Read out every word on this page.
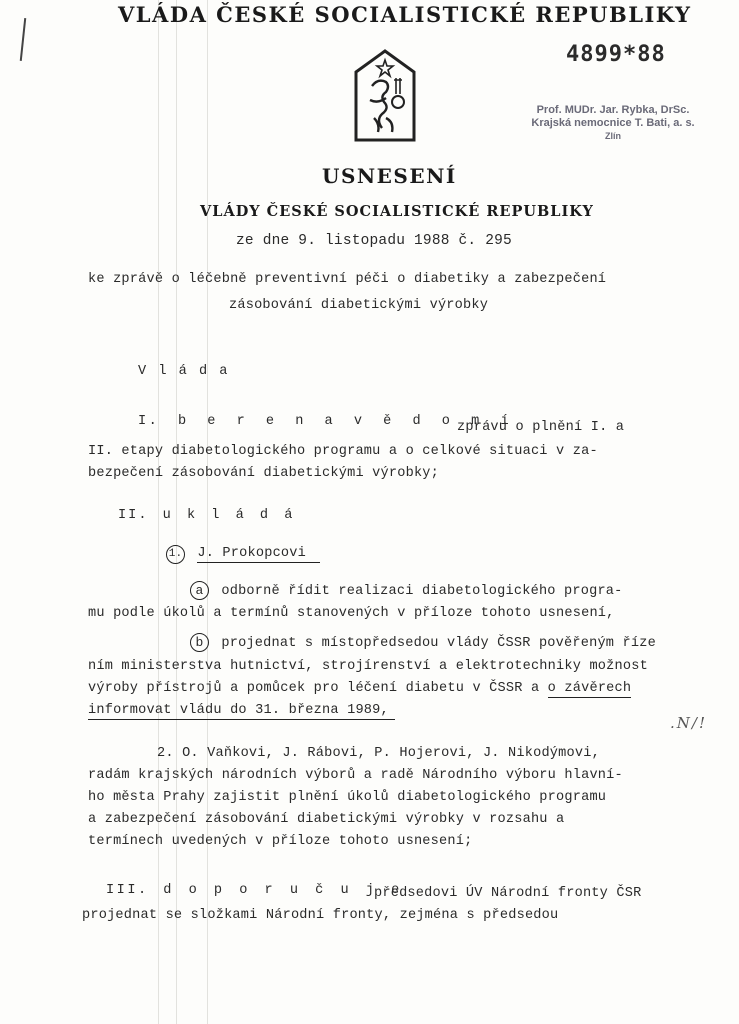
VLÁDA ČESKÉ SOCIALISTICKÉ REPUBLIKY
4899*88
Prof. MUDr. Jar. Rybka, DrSc.
Krajská nemocnice T. Bati, a. s.
Zlín
USNESENÍ
VLÁDY ČESKÉ SOCIALISTICKÉ REPUBLIKY
ze dne 9. listopadu 1988 č. 295
ke zprávě o léčebně preventivní péči o diabetiky a zabezpečení
zásobování diabetickými výrobky
V l á d a
I. b e r e n a v ě d o m í
zprávu o plnění I. a
II. etapy diabetologického programu a o celkové situaci v za-
bezpečení zásobování diabetickými výrobky;
II. u k l á d á
1. J. Prokopcovi
a odborně řídit realizaci diabetologického progra-
mu podle úkolů a termínů stanovených v příloze tohoto usnesení,
b projednat s místopředsedou vlády ČSSR pověřeným říze
ním ministerstva hutnictví, strojírenství a elektrotechniky možnost
výroby přístrojů a pomůcek pro léčení diabetu v ČSSR a o závěrech
informovat vládu do 31. března 1989,
.N/!
2. O. Vaňkovi, J. Rábovi, P. Hojerovi, J. Nikodýmovi,
radám krajských národních výborů a radě Národního výboru hlavní-
ho města Prahy zajistit plnění úkolů diabetologického programu
a zabezpečení zásobování diabetickými výrobky v rozsahu a
termínech uvedených v příloze tohoto usnesení;
III. d o p o r u č u j e
předsedovi ÚV Národní fronty ČSR
projednat se složkami Národní fronty, zejména s předsedou
